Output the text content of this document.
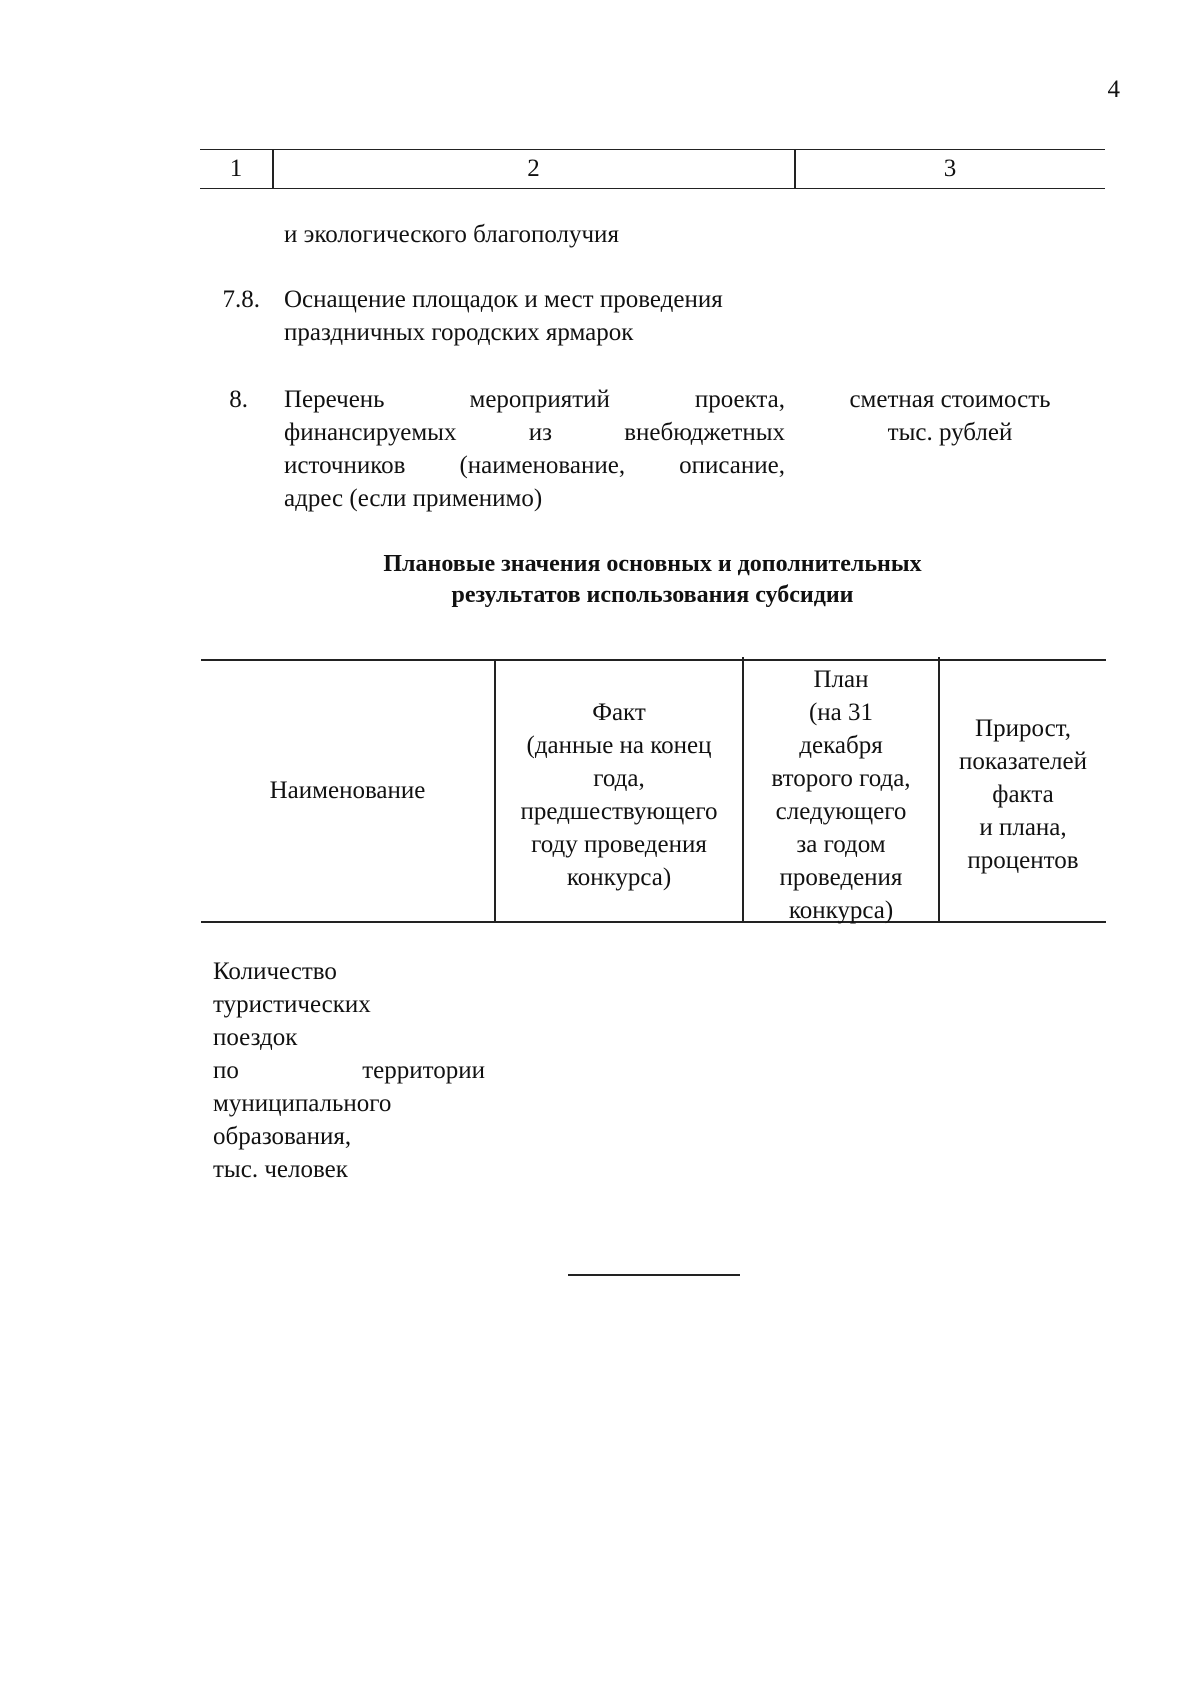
4
1	2	3
и экологического благополучия
7.8. Оснащение площадок и мест проведения
праздничных городских ярмарок
8. Перечень мероприятий проекта,
финансируемых из внебюджетных
источников (наименование, описание,
адрес (если применимо)
сметная стоимость
тыс. рублей
Плановые значения основных и дополнительных
результатов использования субсидии
Наименование
Факт
(данные на конец
года,
предшествующего
году проведения
конкурса)
План
(на 31
декабря
второго года,
следующего
за годом
проведения
конкурса)
Прирост,
показателей
факта
и плана,
процентов
Количество
туристических
поездок
по территории
муниципального
образования,
тыс. человек
